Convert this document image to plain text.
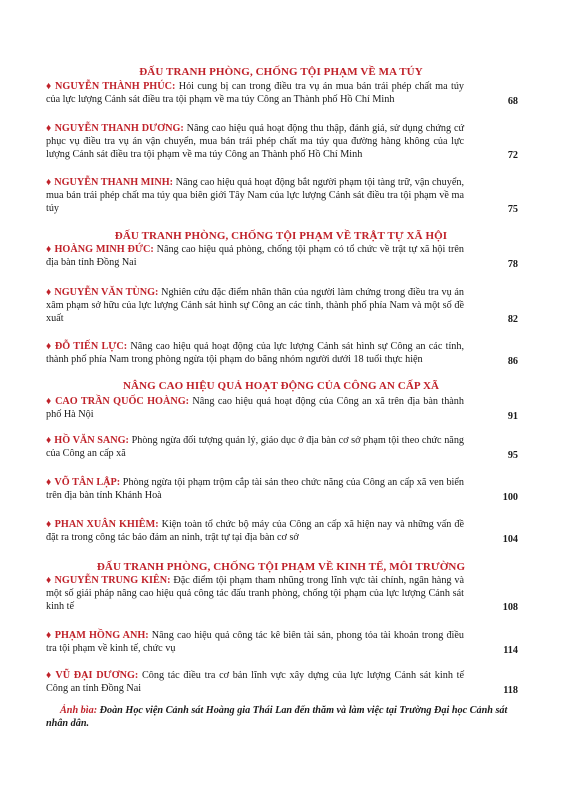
ĐẤU TRANH PHÒNG, CHỐNG TỘI PHẠM VỀ MA TÚY
♦ NGUYỄN THÀNH PHÚC: Hỏi cung bị can trong điều tra vụ án mua bán trái phép chất ma túy của lực lượng Cảnh sát điều tra tội phạm về ma túy Công an Thành phố Hồ Chí Minh	68
♦ NGUYỄN THANH DƯƠNG: Nâng cao hiệu quả hoạt động thu thập, đánh giá, sử dụng chứng cứ phục vụ điều tra vụ án vận chuyển, mua bán trái phép chất ma túy qua đường hàng không của lực lượng Cảnh sát điều tra tội phạm về ma túy Công an Thành phố Hồ Chí Minh	72
♦ NGUYỄN THANH MINH: Nâng cao hiệu quả hoạt động bắt người phạm tội tàng trữ, vận chuyển, mua bán trái phép chất ma túy qua biên giới Tây Nam của lực lượng Cảnh sát điều tra tội phạm về ma túy	75
ĐẤU TRANH PHÒNG, CHỐNG TỘI PHẠM VỀ TRẬT TỰ XÃ HỘI
♦ HOÀNG MINH ĐỨC: Nâng cao hiệu quả phòng, chống tội phạm có tổ chức về trật tự xã hội trên địa bàn tỉnh Đồng Nai	78
♦ NGUYỄN VĂN TÙNG: Nghiên cứu đặc điểm nhân thân của người làm chứng trong điều tra vụ án xâm phạm sở hữu của lực lượng Cảnh sát hình sự Công an các tỉnh, thành phố phía Nam và một số đề xuất	82
♦ ĐỖ TIẾN LỰC: Nâng cao hiệu quả hoạt động của lực lượng Cảnh sát hình sự Công an các tỉnh, thành phố phía Nam trong phòng ngừa tội phạm do băng nhóm người dưới 18 tuổi thực hiện	86
NÂNG CAO HIỆU QUẢ HOẠT ĐỘNG CỦA CÔNG AN CẤP XÃ
♦ CAO TRẦN QUỐC HOÀNG: Nâng cao hiệu quả hoạt động của Công an xã trên địa bàn thành phố Hà Nội	91
♦ HỒ VĂN SANG: Phòng ngừa đối tượng quản lý, giáo dục ở địa bàn cơ sở phạm tội theo chức năng của Công an cấp xã	95
♦ VÕ TÂN LẬP: Phòng ngừa tội phạm trộm cắp tài sản theo chức năng của Công an cấp xã ven biển trên địa bàn tỉnh Khánh Hoà	100
♦ PHAN XUÂN KHIÊM: Kiện toàn tổ chức bộ máy của Công an cấp xã hiện nay và những vấn đề đặt ra trong công tác bảo đảm an ninh, trật tự tại địa bàn cơ sở	104
ĐẤU TRANH PHÒNG, CHỐNG TỘI PHẠM VỀ KINH TẾ, MÔI TRƯỜNG
♦ NGUYỄN TRUNG KIÊN: Đặc điểm tội phạm tham nhũng trong lĩnh vực tài chính, ngân hàng và một số giải pháp nâng cao hiệu quả công tác đấu tranh phòng, chống tội phạm của lực lượng Cảnh sát kinh tế	108
♦ PHẠM HỒNG ANH: Nâng cao hiệu quả công tác kê biên tài sản, phong tỏa tài khoản trong điều tra tội phạm về kinh tế, chức vụ	114
♦ VŨ ĐẠI DƯƠNG: Công tác điều tra cơ bản lĩnh vực xây dựng của lực lượng Cảnh sát kinh tế Công an tỉnh Đồng Nai	118
Ảnh bìa: Đoàn Học viện Cảnh sát Hoàng gia Thái Lan đến thăm và làm việc tại Trường Đại học Cảnh sát nhân dân.
